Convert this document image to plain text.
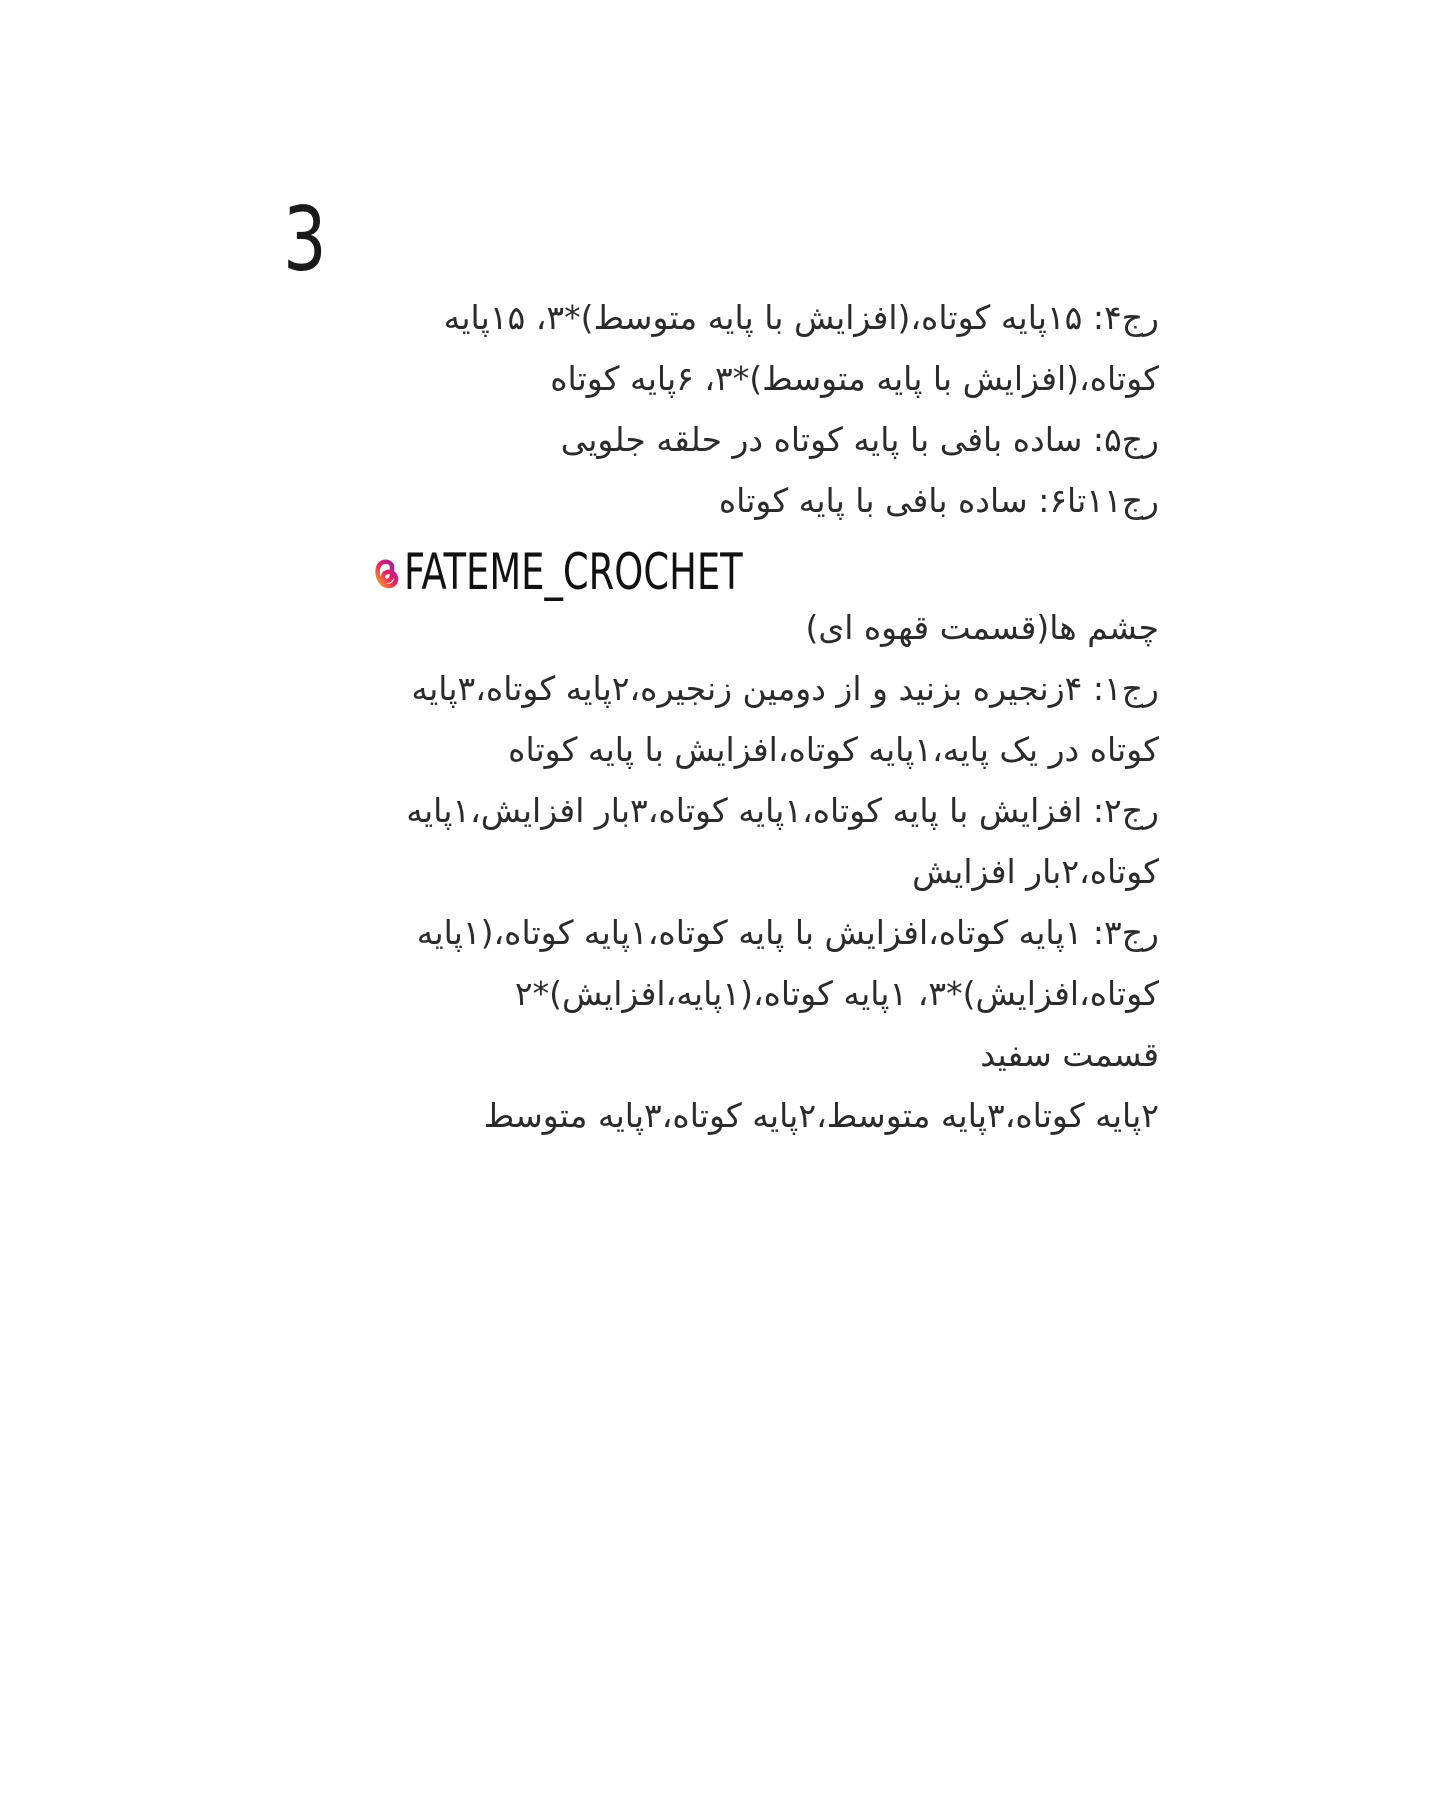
3

رج۴: ۱۵پایه کوتاه،(افزایش با پایه متوسط)*۳، ۱۵پایه

کوتاه،(افزایش با پایه متوسط)*۳، ۶پایه کوتاه

رج۵: ساده بافی با پایه کوتاه در حلقه جلویی

رج۱۱تا۶: ساده بافی با پایه کوتاه

FATEME_CROCHET

چشم ها(قسمت قهوه ای)

رج۱: ۴زنجیره بزنید و از دومین زنجیره،۲پایه کوتاه،۳پایه

کوتاه در یک پایه،۱پایه کوتاه،افزایش با پایه کوتاه

رج۲: افزایش با پایه کوتاه،۱پایه کوتاه،۳بار افزایش،۱پایه

کوتاه،۲بار افزایش

رج۳: ۱پایه کوتاه،افزایش با پایه کوتاه،۱پایه کوتاه،(۱پایه

کوتاه،افزایش)*۳، ۱پایه کوتاه،(۱پایه،افزایش)*۲

قسمت سفید

۲پایه کوتاه،۳پایه متوسط،۲پایه کوتاه،۳پایه متوسط
